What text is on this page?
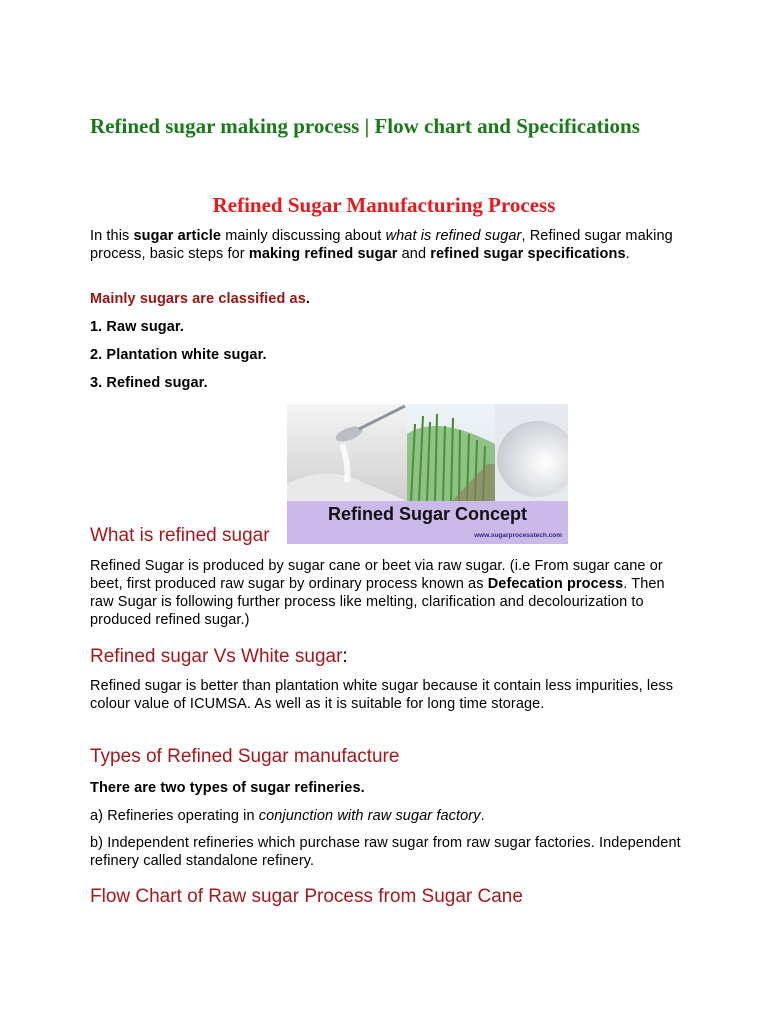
Refined sugar making process | Flow chart and Specifications
Refined Sugar Manufacturing Process
In this sugar article mainly discussing about what is refined sugar, Refined sugar making process, basic steps for making refined sugar and refined sugar specifications.
Mainly sugars are classified as.
1. Raw sugar.
2. Plantation white sugar.
3. Refined sugar.
Refined Sugar Concept
www.sugarprocesstech.com
What is refined sugar
Refined Sugar is produced by sugar cane or beet via raw sugar. (i.e From sugar cane or beet, first produced raw sugar by ordinary process known as Defecation process. Then raw Sugar is following further process like melting, clarification and decolourization to produced refined sugar.)
Refined sugar Vs White sugar:
Refined sugar is better than plantation white sugar because it contain less impurities, less colour value of ICUMSA. As well as it is suitable for long time storage.
Types of Refined Sugar manufacture
There are two types of sugar refineries.
a) Refineries operating in conjunction with raw sugar factory.
b) Independent refineries which purchase raw sugar from raw sugar factories. Independent refinery called standalone refinery.
Flow Chart of Raw sugar Process from Sugar Cane
